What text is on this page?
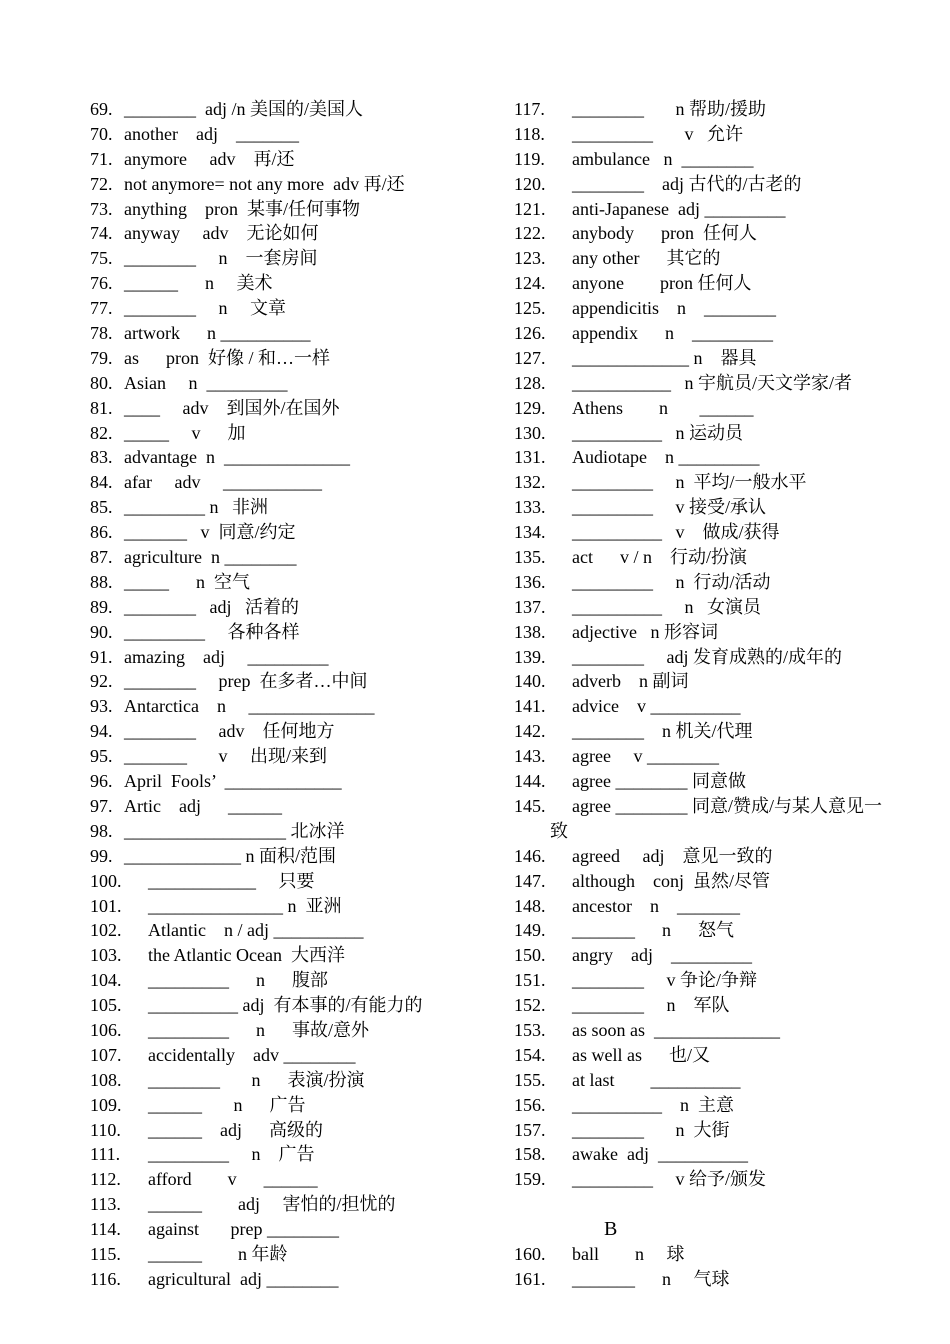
69. ________  adj /n 美国的/美国人
70. another    adj    _______
71. anymore     adv    再/还
72. not anymore= not any more  adv 再/还
73. anything    pron  某事/任何事物
74. anyway     adv    无论如何
75. ________     n    一套房间
76. ______      n     美术
77. ________     n     文章
78. artwork      n __________
79. as      pron  好像 / 和…一样
80. Asian     n  _________
81. ____     adv    到国外/在国外
82. _____     v      加
83. advantage  n  ______________
84. afar     adv     ___________
85. _________ n   非洲
86. _______   v  同意/约定
87. agriculture  n ________
88. _____      n  空气
89. ________   adj   活着的
90. _________     各种各样
91. amazing    adj     _________
92. ________     prep  在多者…中间
93. Antarctica    n     ______________
94. ________     adv    任何地方
95. _______       v     出现/来到
96. April  Fools’  _____________
97. Artic    adj      ______
98. __________________ 北冰洋
99. _____________ n 面积/范围
100. ____________     只要
101. _______________ n  亚洲
102. Atlantic    n / adj __________
103. the Atlantic Ocean  大西洋
104. _________      n      腹部
105. __________ adj  有本事的/有能力的
106. _________      n      事故/意外
107. accidentally    adv ________
108. ________       n      表演/扮演
109. ______       n      广告
110. ______    adj      高级的
111. _________     n    广告
112. afford        v      ______
113. ______        adj     害怕的/担忧的
114. against       prep ________
115. ______        n 年龄
116. agricultural  adj ________
117. ________       n 帮助/援助
118. _________       v   允许
119. ambulance   n  ________
120. ________    adj 古代的/古老的
121. anti-Japanese  adj _________
122. anybody      pron  任何人
123. any other      其它的
124. anyone        pron 任何人
125. appendicitis    n    ________
126. appendix      n    _________
127. _____________ n    器具
128. ___________   n 宇航员/天文学家/者
129. Athens        n       ______
130. __________   n 运动员
131. Audiotape    n _________
132. _________     n  平均/一般水平
133. _________     v 接受/承认
134. __________   v    做成/获得
135. act      v / n    行动/扮演
136. _________     n  行动/活动
137. __________     n   女演员
138. adjective   n 形容词
139. ________     adj 发育成熟的/成年的
140. adverb    n 副词
141. advice    v __________
142. ________    n 机关/代理
143. agree     v ________
144. agree ________ 同意做
145. agree ________ 同意/赞成/与某人意见一
致
146. agreed     adj    意见一致的
147. although    conj  虽然/尽管
148. ancestor    n    _______
149. _______      n      怒气
150. angry    adj    _________
151. ________     v 争论/争辩
152. ________     n    军队
153. as soon as  ______________
154. as well as      也/又
155. at last        __________
156. __________    n  主意
157. ________       n  大街
158. awake  adj  __________
159. _________     v 给予/颁发
B
160. ball        n     球
161. _______      n     气球
